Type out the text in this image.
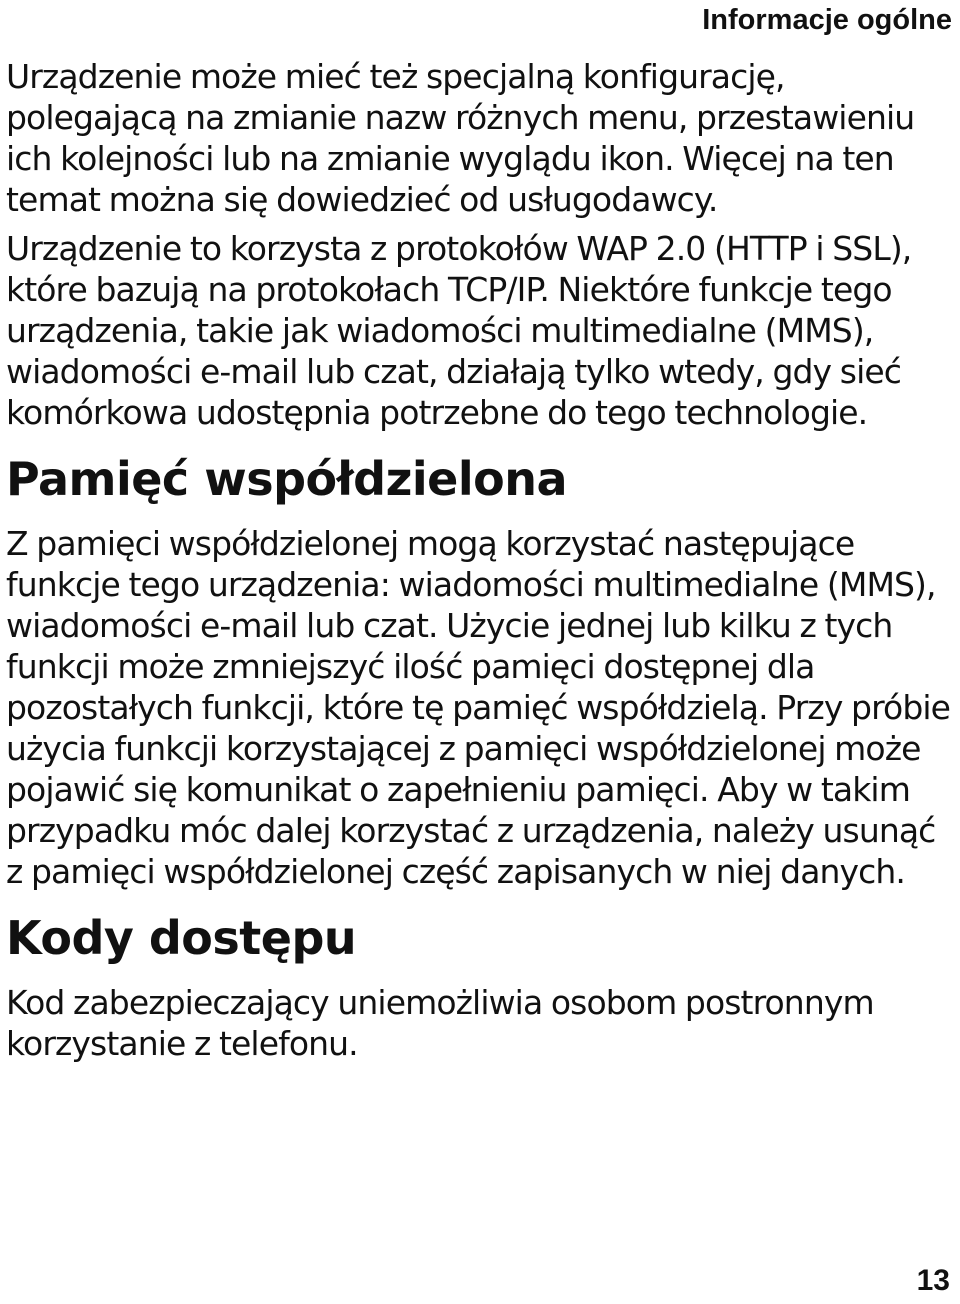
Informacje ogólne

Urządzenie może mieć też specjalną konfigurację, polegającą na zmianie nazw różnych menu, przestawieniu ich kolejności lub na zmianie wyglądu ikon. Więcej na ten temat można się dowiedzieć od usługodawcy.

Urządzenie to korzysta z protokołów WAP 2.0 (HTTP i SSL), które bazują na protokołach TCP/IP. Niektóre funkcje tego urządzenia, takie jak wiadomości multimedialne (MMS), wiadomości e-mail lub czat, działają tylko wtedy, gdy sieć komórkowa udostępnia potrzebne do tego technologie.

Pamięć współdzielona

Z pamięci współdzielonej mogą korzystać następujące funkcje tego urządzenia: wiadomości multimedialne (MMS), wiadomości e-mail lub czat. Użycie jednej lub kilku z tych funkcji może zmniejszyć ilość pamięci dostępnej dla pozostałych funkcji, które tę pamięć współdzielą. Przy próbie użycia funkcji korzystającej z pamięci współdzielonej może pojawić się komunikat o zapełnieniu pamięci. Aby w takim przypadku móc dalej korzystać z urządzenia, należy usunąć z pamięci współdzielonej część zapisanych w niej danych.

Kody dostępu

Kod zabezpieczający uniemożliwia osobom postronnym korzystanie z telefonu.

13
